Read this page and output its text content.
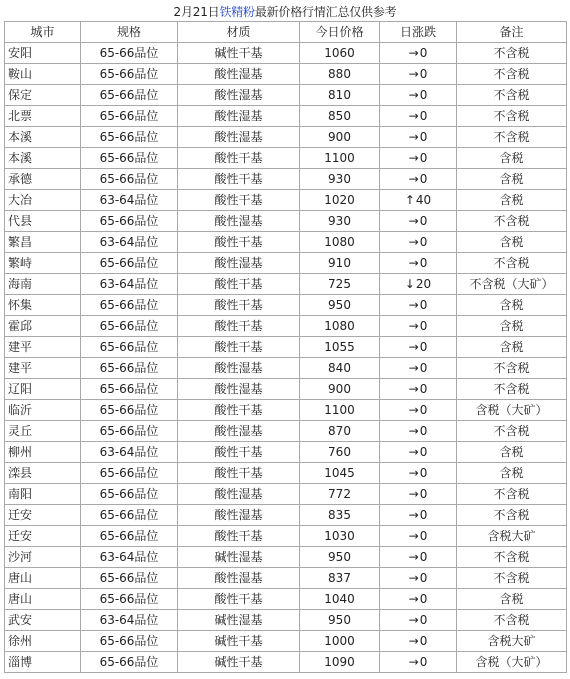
2月21日铁精粉最新价格行情汇总仅供参考
城市	规格	材质	今日价格	日涨跌	备注
安阳	65-66品位	碱性干基	1060	→0	不含税
鞍山	65-66品位	酸性湿基	880	→0	不含税
保定	65-66品位	酸性湿基	810	→0	不含税
北票	65-66品位	酸性湿基	850	→0	不含税
本溪	65-66品位	酸性湿基	900	→0	不含税
本溪	65-66品位	酸性干基	1100	→0	含税
承德	65-66品位	酸性干基	930	→0	含税
大冶	63-64品位	酸性干基	1020	↑40	含税
代县	65-66品位	酸性湿基	930	→0	不含税
繁昌	63-64品位	酸性干基	1080	→0	含税
繁峙	65-66品位	酸性湿基	910	→0	不含税
海南	63-64品位	酸性干基	725	↓20	不含税（大矿）
怀集	65-66品位	酸性干基	950	→0	含税
霍邱	65-66品位	酸性干基	1080	→0	含税
建平	65-66品位	酸性干基	1055	→0	含税
建平	65-66品位	酸性湿基	840	→0	不含税
辽阳	65-66品位	酸性湿基	900	→0	不含税
临沂	65-66品位	酸性干基	1100	→0	含税（大矿）
灵丘	65-66品位	酸性湿基	870	→0	不含税
柳州	63-64品位	酸性干基	760	→0	含税
滦县	65-66品位	酸性干基	1045	→0	含税
南阳	65-66品位	酸性湿基	772	→0	不含税
迁安	65-66品位	酸性湿基	835	→0	不含税
迁安	65-66品位	酸性干基	1030	→0	含税大矿
沙河	63-64品位	碱性湿基	950	→0	不含税
唐山	65-66品位	酸性湿基	837	→0	不含税
唐山	65-66品位	酸性干基	1040	→0	含税
武安	63-64品位	碱性湿基	950	→0	不含税
徐州	65-66品位	碱性干基	1000	→0	含税大矿
淄博	65-66品位	碱性干基	1090	→0	含税（大矿）
